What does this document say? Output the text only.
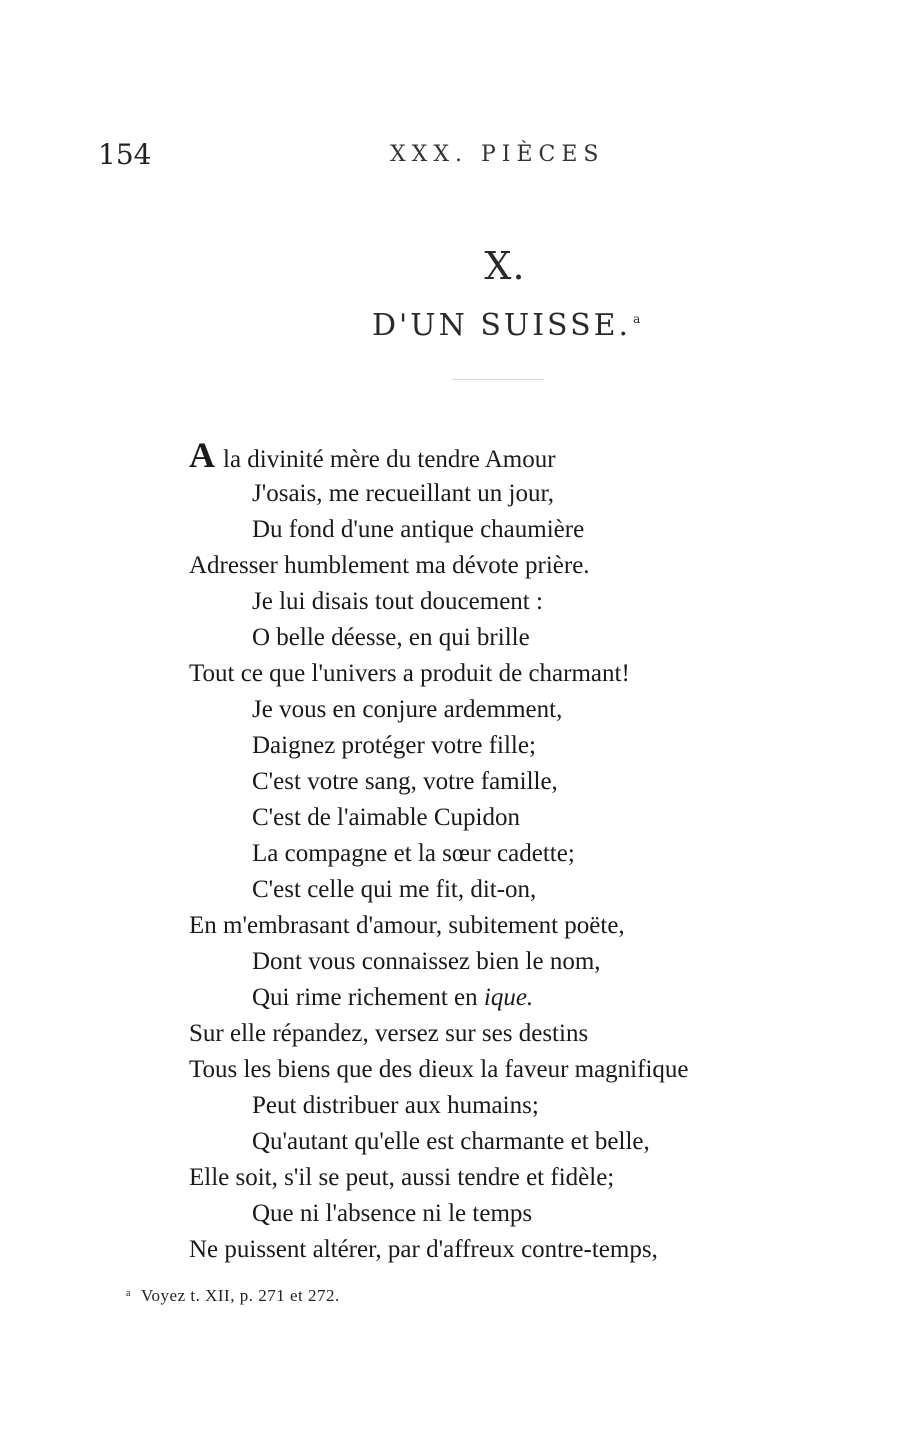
154	XXX. PIÈCES
X.
D'UN SUISSE. $^a$
A la divinité mère du tendre Amour
J'osais, me recueillant un jour,
Du fond d'une antique chaumière
Adresser humblement ma dévote prière.
Je lui disais tout doucement :
O belle déesse, en qui brille
Tout ce que l'univers a produit de charmant!
Je vous en conjure ardemment,
Daignez protéger votre fille;
C'est votre sang, votre famille,
C'est de l'aimable Cupidon
La compagne et la sœur cadette;
C'est celle qui me fit, dit-on,
En m'embrasant d'amour, subitement poëte,
Dont vous connaissez bien le nom,
Qui rime richement en ique.
Sur elle répandez, versez sur ses destins
Tous les biens que des dieux la faveur magnifique
Peut distribuer aux humains;
Qu'autant qu'elle est charmante et belle,
Elle soit, s'il se peut, aussi tendre et fidèle;
Que ni l'absence ni le temps
Ne puissent altérer, par d'affreux contre-temps,
$^a$ Voyez t. XII, p. 271 et 272.
